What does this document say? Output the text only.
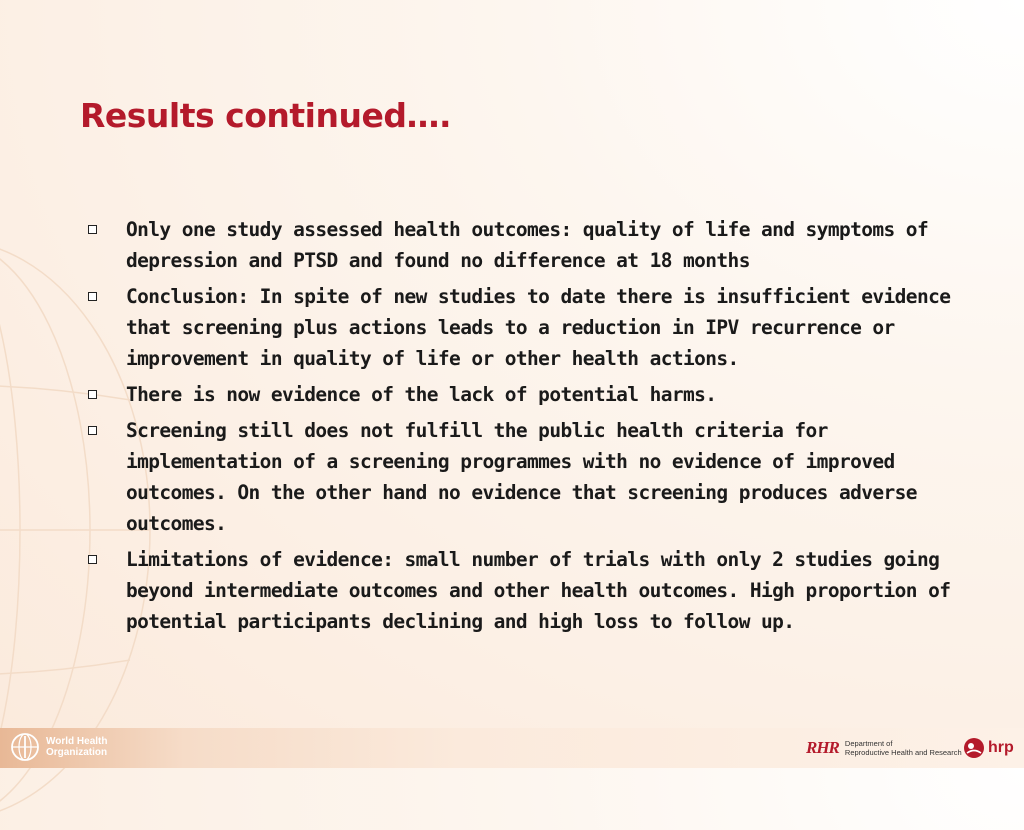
Results continued….
Only one study assessed health outcomes: quality of life and symptoms of depression and PTSD and found no difference at 18 months
Conclusion: In spite of new studies to date there is insufficient evidence that screening plus actions leads to a reduction in IPV recurrence or improvement in quality of life or other health actions.
There is now evidence of the lack of potential harms.
Screening still does not fulfill the public health criteria for implementation of a screening programmes with no evidence of improved outcomes. On the other hand no evidence that screening produces adverse outcomes.
Limitations of evidence: small number of trials with only 2 studies going beyond intermediate outcomes and other health outcomes. High proportion of potential participants declining and high loss to follow up.
World Health
Organization	RHR Department of
Reproductive Health and Research hrp
